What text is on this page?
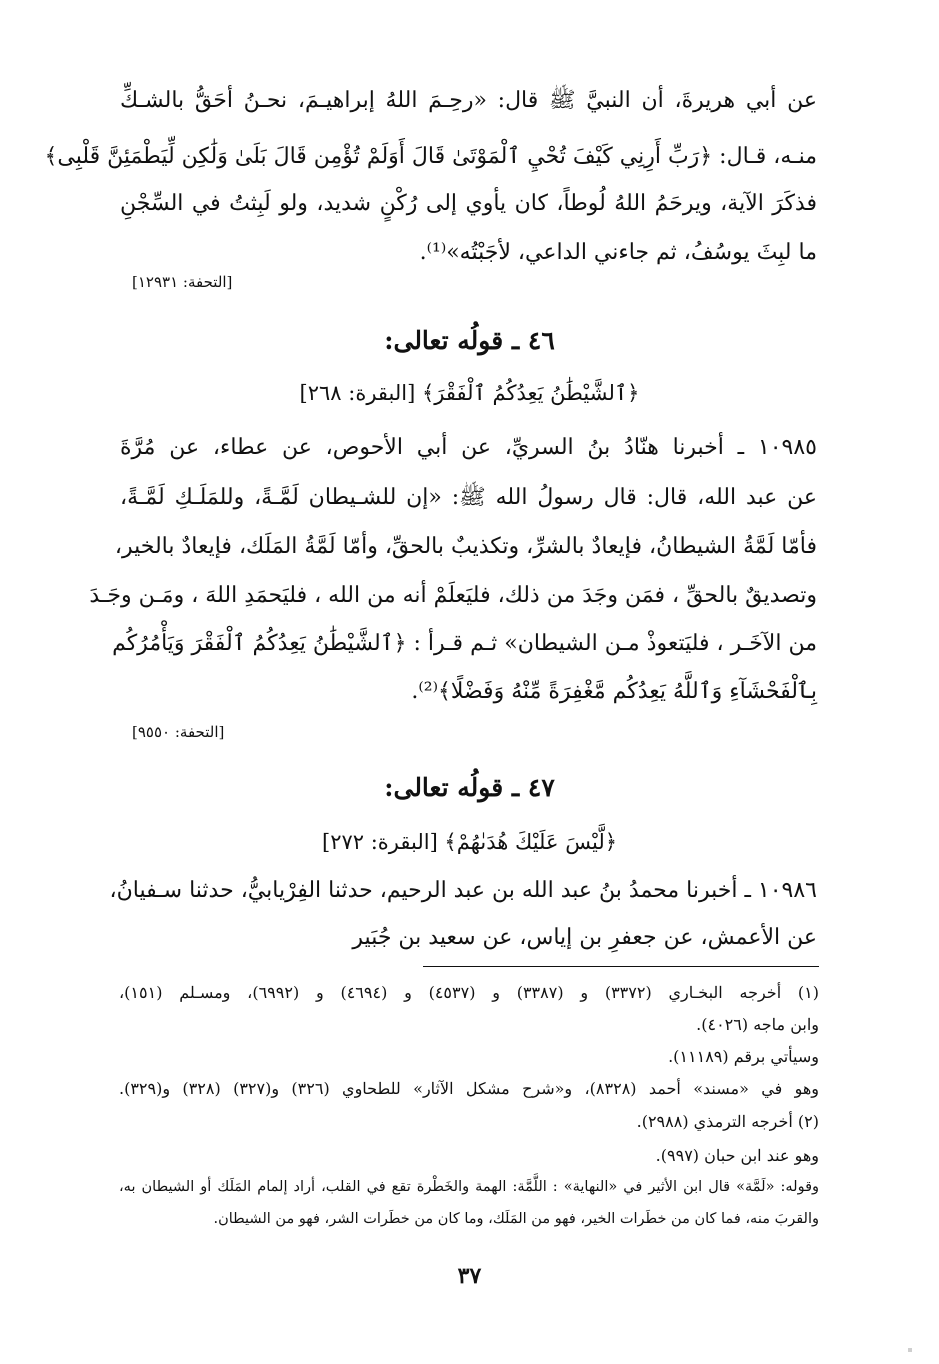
عن أبي هريرةَ، أن النبيَّ ﷺ قال: «رحِـمَ اللهُ إبراهيـمَ، نحـنُ أحَقُّ بالشـكِّ
منـه، قـال: ﴿رَبِّ أَرِنِي كَيْفَ تُحْيِ ٱلْمَوْتَىٰ قَالَ أَوَلَمْ تُؤْمِن قَالَ بَلَىٰ وَلَٰكِن لِّيَطْمَئِنَّ قَلْبِى﴾
فذكَرَ الآية، ويرحَمُ اللهُ لُوطاً، كان يأوي إلى رُكْنٍ شديد، ولو لَبِثتُ في السِّجْنِ
ما لبِثَ يوسُفُ، ثم جاءني الداعي، لأجَبْتُه»⁽¹⁾.
[التحفة: ١٢٩٣١]
٤٦ ـ قولُه تعالى:
﴿ٱلشَّيْطَٰنُ يَعِدُكُمُ ٱلْفَقْرَ﴾ [البقرة: ٢٦٨]
١٠٩٨٥ ـ أخبرنا هنّادُ بنُ السريِّ، عن أبي الأحوص، عن عطاء، عن مُرَّةَ
عن عبد الله، قال: قال رسولُ الله ﷺ: «إن للشـيطان لَمَّـةً، وللمَلَـكِ لَمَّـةً،
فأمّا لَمَّةُ الشيطانُ، فإيعادٌ بالشرِّ، وتكذيبٌ بالحقِّ، وأمّا لَمَّةُ المَلَك، فإيعادٌ بالخير،
وتصديقٌ بالحقِّ ، فمَن وجَدَ من ذلك، فليَعلَمْ أنه من الله ، فليَحمَدِ اللهَ ، ومَـن وجَـدَ
من الآخَـر ، فليَتعوذْ مـن الشيطان» ثـم قـرأ : ﴿ٱلشَّيْطَٰنُ يَعِدُكُمُ ٱلْفَقْرَ وَيَأْمُرُكُم
بِٱلْفَحْشَآءِ وَٱللَّهُ يَعِدُكُم مَّغْفِرَةً مِّنْهُ وَفَضْلًا﴾⁽²⁾.
[التحفة: ٩٥٥٠]
٤٧ ـ قولُه تعالى:
﴿لَّيْسَ عَلَيْكَ هُدَىٰهُمْ﴾ [البقرة: ٢٧٢]
١٠٩٨٦ ـ أخبرنا محمدُ بنُ عبد الله بن عبد الرحيم، حدثنا الفِرْيابيُّ، حدثنا سـفيانُ،
عن الأعمش، عن جعفرِ بن إياس، عن سعيد بن جُبَير
(١) أخرجه البخـاري (٣٣٧٢) و (٣٣٨٧) و (٤٥٣٧) و (٤٦٩٤) و (٦٩٩٢)، ومسـلم (١٥١)،
وابن ماجه (٤٠٢٦).
وسيأتي برقم (١١١٨٩).
وهو في «مسند» أحمد (٨٣٢٨)، و«شرح مشكل الآثار» للطحاوي (٣٢٦) و(٣٢٧) (٣٢٨) و(٣٢٩).
(٢) أخرجه الترمذي (٢٩٨٨).
وهو عند ابن حبان (٩٩٧).
وقوله: «لَمَّة» قال ابن الأثير في «النهاية» : اللَّمَّة: الهمة والخَطْرة تقع في القلب، أراد إلمام المَلَك أو الشيطان به،
والقربَ منه، فما كان من خطَرات الخير، فهو من المَلَك، وما كان من خطَرات الشر، فهو من الشيطان.
٣٧
